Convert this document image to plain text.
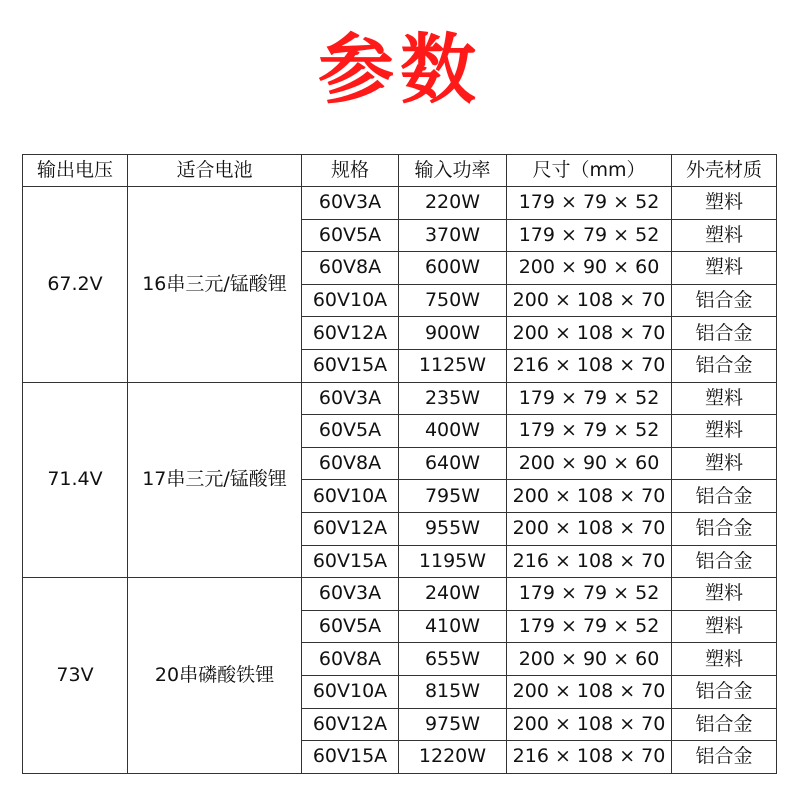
参数
输出电压	适合电池	规格	输入功率	尺寸（mm）	外壳材质
67.2V	16串三元/锰酸锂	60V3A	220W	179 × 79 × 52	塑料
		60V5A	370W	179 × 79 × 52	塑料
		60V8A	600W	200 × 90 × 60	塑料
		60V10A	750W	200 × 108 × 70	铝合金
		60V12A	900W	200 × 108 × 70	铝合金
		60V15A	1125W	216 × 108 × 70	铝合金
71.4V	17串三元/锰酸锂	60V3A	235W	179 × 79 × 52	塑料
		60V5A	400W	179 × 79 × 52	塑料
		60V8A	640W	200 × 90 × 60	塑料
		60V10A	795W	200 × 108 × 70	铝合金
		60V12A	955W	200 × 108 × 70	铝合金
		60V15A	1195W	216 × 108 × 70	铝合金
73V	20串磷酸铁锂	60V3A	240W	179 × 79 × 52	塑料
		60V5A	410W	179 × 79 × 52	塑料
		60V8A	655W	200 × 90 × 60	塑料
		60V10A	815W	200 × 108 × 70	铝合金
		60V12A	975W	200 × 108 × 70	铝合金
		60V15A	1220W	216 × 108 × 70	铝合金
